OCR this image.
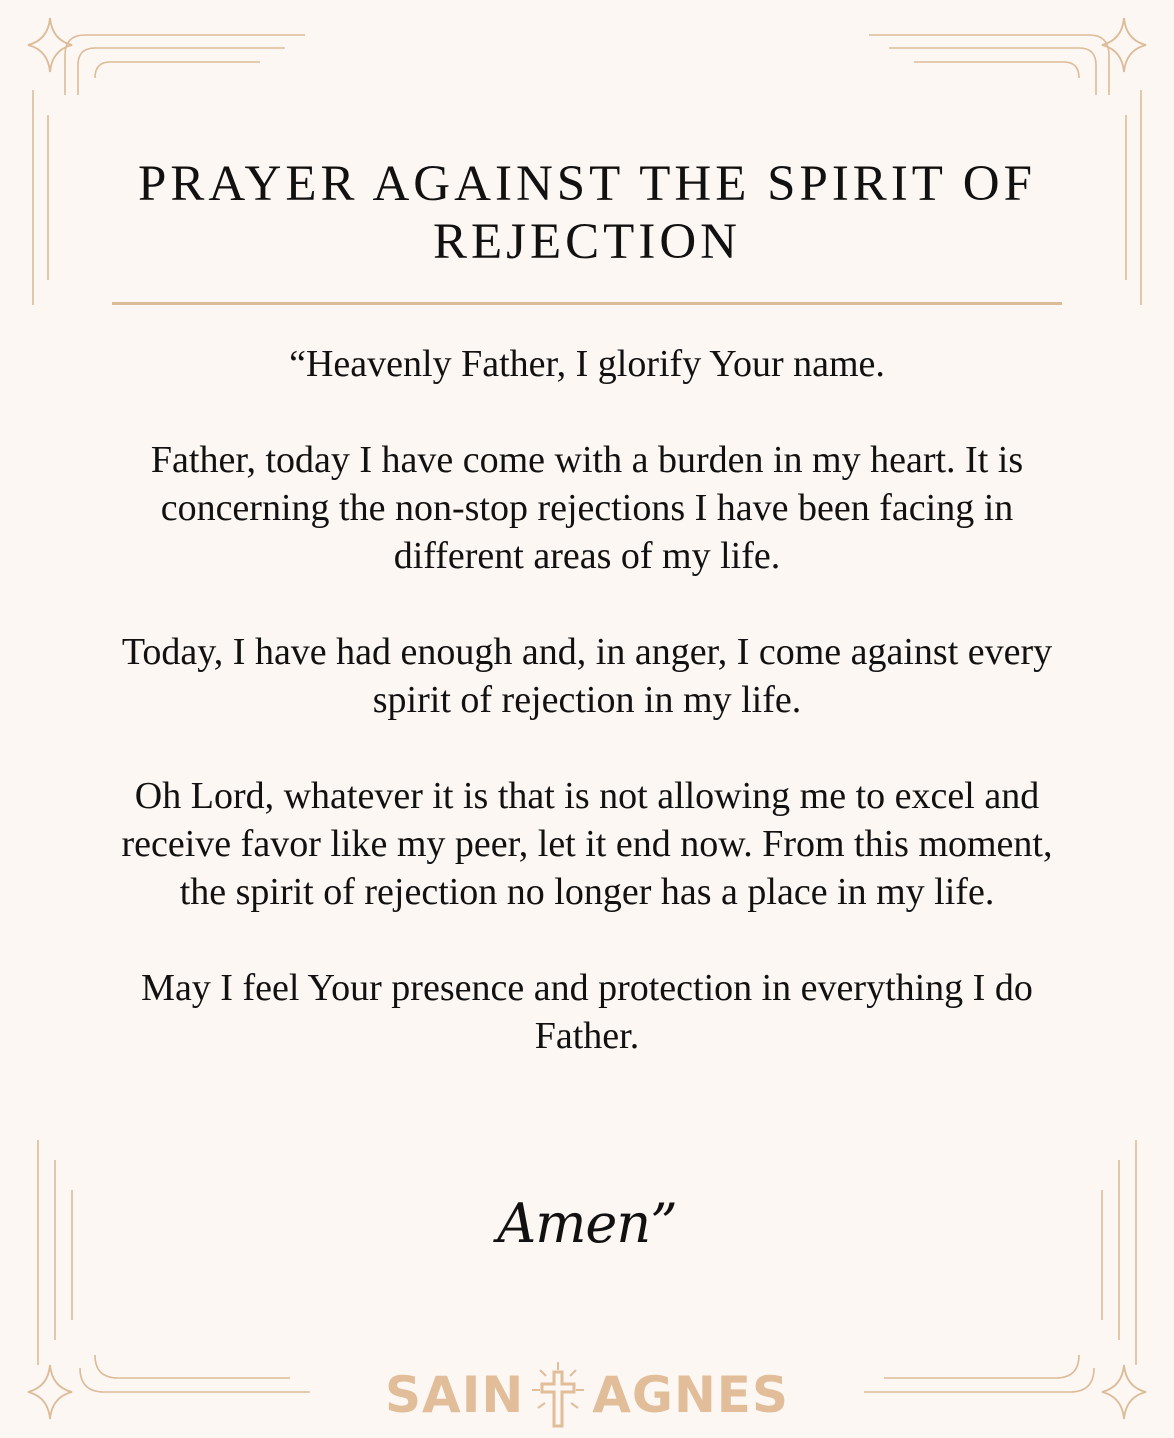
PRAYER AGAINST THE SPIRIT OF REJECTION

“Heavenly Father, I glorify Your name.

Father, today I have come with a burden in my heart. It is concerning the non-stop rejections I have been facing in different areas of my life.

Today, I have had enough and, in anger, I come against every spirit of rejection in my life.

Oh Lord, whatever it is that is not allowing me to excel and receive favor like my peer, let it end now. From this moment, the spirit of rejection no longer has a place in my life.

May I feel Your presence and protection in everything I do Father.

Amen”
SAIN AGNES
